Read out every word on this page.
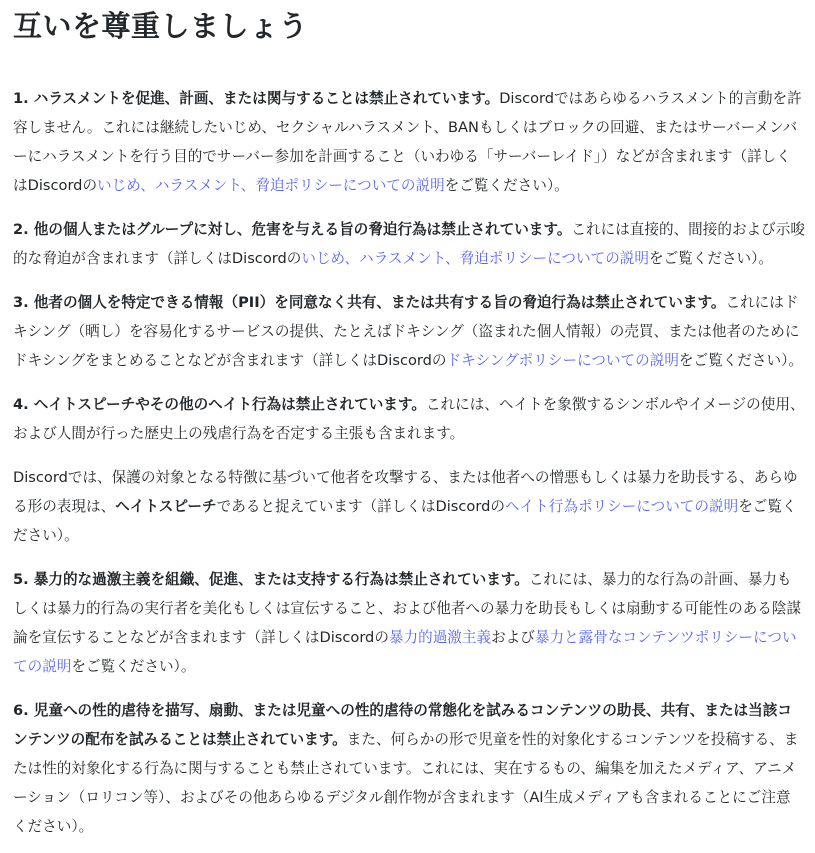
互いを尊重しましょう
1. ハラスメントを促進、計画、または関与することは禁止されています。Discordではあらゆるハラスメント的言動を許容しません。これには継続したいじめ、セクシャルハラスメント、BANもしくはブロックの回避、またはサーバーメンバーにハラスメントを行う目的でサーバー参加を計画すること（いわゆる「サーバーレイド」）などが含まれます（詳しくはDiscordのいじめ、ハラスメント、脅迫ポリシーについての説明をご覧ください）。
2. 他の個人またはグループに対し、危害を与える旨の脅迫行為は禁止されています。これには直接的、間接的および示唆的な脅迫が含まれます（詳しくはDiscordのいじめ、ハラスメント、脅迫ポリシーについての説明をご覧ください）。
3. 他者の個人を特定できる情報（PII）を同意なく共有、または共有する旨の脅迫行為は禁止されています。これにはドキシング（晒し）を容易化するサービスの提供、たとえばドキシング（盗まれた個人情報）の売買、または他者のためにドキシングをまとめることなどが含まれます（詳しくはDiscordのドキシングポリシーについての説明をご覧ください）。
4. ヘイトスピーチやその他のヘイト行為は禁止されています。これには、ヘイトを象徴するシンボルやイメージの使用、および人間が行った歴史上の残虐行為を否定する主張も含まれます。
Discordでは、保護の対象となる特徴に基づいて他者を攻撃する、または他者への憎悪もしくは暴力を助長する、あらゆる形の表現は、ヘイトスピーチであると捉えています（詳しくはDiscordのヘイト行為ポリシーについての説明をご覧ください）。
5. 暴力的な過激主義を組織、促進、または支持する行為は禁止されています。これには、暴力的な行為の計画、暴力もしくは暴力的行為の実行者を美化もしくは宣伝すること、および他者への暴力を助長もしくは扇動する可能性のある陰謀論を宣伝することなどが含まれます（詳しくはDiscordの暴力的過激主義および暴力と露骨なコンテンツポリシーについての説明をご覧ください）。
6. 児童への性的虐待を描写、扇動、または児童への性的虐待の常態化を試みるコンテンツの助長、共有、または当該コンテンツの配布を試みることは禁止されています。また、何らかの形で児童を性的対象化するコンテンツを投稿する、または性的対象化する行為に関与することも禁止されています。これには、実在するもの、編集を加えたメディア、アニメーション（ロリコン等）、およびその他あらゆるデジタル創作物が含まれます（AI生成メディアも含まれることにご注意ください）。
